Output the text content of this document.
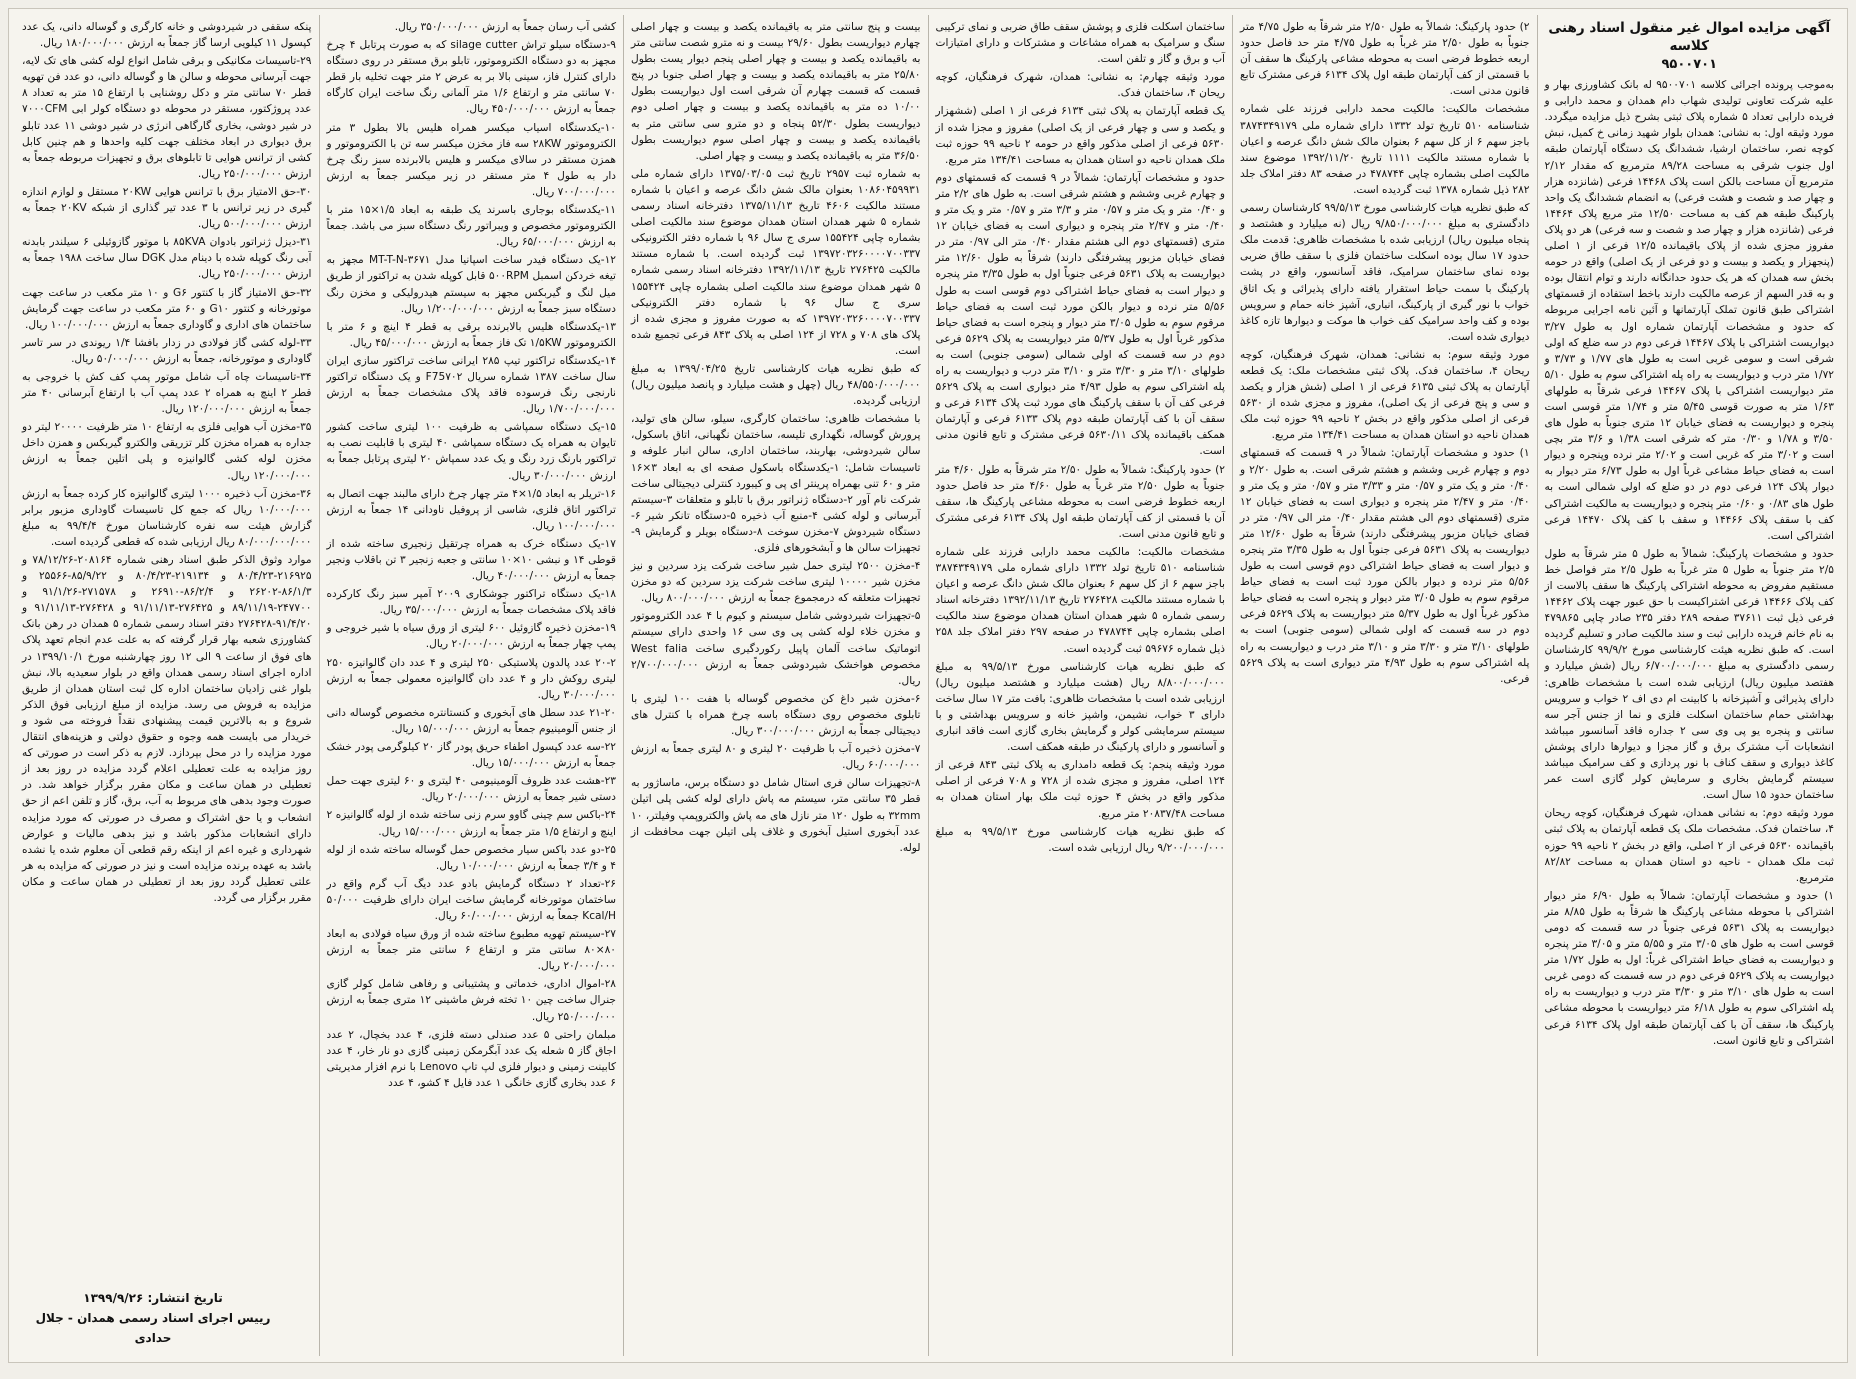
آگهی مزایده اموال غیر منقول اسناد رهنی کلاسه
۹۵۰۰۷۰۱

به‌موجب پرونده اجرائی کلاسه ۹۵۰۰۷۰۱ له بانک کشاورزی بهار و علیه شرکت تعاونی تولیدی شهاب دام همدان و محمد دارابی و فریده دارابی تعداد ۵ شماره پلاک ثبتی بشرح ذیل مزایده میگردد. مورد وثیقه اول: به نشانی: همدان بلوار شهید زمانی خ کمیل، نبش کوچه نصر، ساختمان ارشیا، ششدانگ یک دستگاه آپارتمان طبقه اول جنوب شرقی به مساحت ۸۹/۲۸ مترمربع که مقدار ۲/۱۲ مترمربع آن مساحت بالکن است پلاک ۱۴۴۶۸ فرعی (شانزده هزار و چهار صد و شصت و هشت فرعی) به انضمام ششدانگ یک واحد پارکینگ طبقه هم کف به مساحت ۱۲/۵۰ متر مربع پلاک ۱۴۴۶۴ فرعی (شانزده هزار و چهار صد و شصت و سه فرعی) هر دو پلاک مفروز مجزی شده از پلاک باقیمانده ۱۲/۵ فرعی از ۱ اصلی (پنجهزار و یکصد و بیست و دو فرعی از یک اصلی) واقع در حومه بخش سه همدان که هر یک حدود حدانگانه دارند و توام انتقال بوده و به قدر السهم از عرصه مالکیت دارند باخط استفاده از قسمتهای اشتراکی طبق قانون تملک آپارتمانها و آئین نامه اجرایی مربوطه که حدود و مشخصات آپارتمان شماره اول به طول ۳/۲۷ دیواریست اشتراکی با پلاک ۱۴۴۶۷ فرعی دوم در سه ضلع که اولی شرقی است و سومی غربی است به طول های ۱/۷۷ و ۳/۷۳ و ۱/۷۲ متر درب و دیواریست به راه پله اشتراکی سوم به طول ۵/۱۰ متر دیواریست اشتراکی با پلاک ۱۴۴۶۷ فرعی شرقاً به طولهای ۱/۶۳ متر به صورت قوسی ۵/۴۵ متر و ۱/۷۴ متر قوسی است پنجره و دیواریست به فضای خیابان ۱۲ متری جنوباً به طول های ۳/۵۰ و ۱/۷۸ و ۰/۳۰ متر که شرقی است ۱/۳۸ و ۳/۶ متر بچی است و ۳/۰۲ متر که غربی است و ۲/۰۲ متر نرده وپنجره و دیوار است به فضای حیاط مشاعی غرباً اول به طول ۶/۷۳ متر دیوار به دیوار پلاک ۱۲۴ فرعی دوم در دو ضلع که اولی شمالی است به طول های ۰/۸۳ و ۰/۶۰ متر پنجره و دیواریست به مالکیت اشتراکی کف با سقف پلاک ۱۴۴۶۶ و سقف با کف پلاک ۱۴۴۷۰ فرعی اشتراکی است.

حدود و مشخصات پارکینگ: شمالاً به طول ۵ متر شرقاً به طول ۲/۵ متر جنوباً به طول ۵ متر غرباً به طول ۲/۵ متر فواصل خط مستقیم مفروض به محوطه اشتراکی پارکینگ ها سقف بالاست از کف پلاک ۱۴۴۶۶ فرعی اشتراکیست با حق عبور جهت پلاک ۱۴۴۶۲ فرعی ذیل ثبت ۳۷۶۱۱ صفحه ۲۸۹ دفتر ۲۳۵ صادر چاپی ۴۷۹۸۶۵ به نام خانم فریده دارابی ثبت و سند مالکیت صادر و تسلیم گردیده است. که طبق نظریه هیئت کارشناسی مورخ ۹۹/۹/۲ کارشناسان رسمی دادگستری به مبلغ ۶/۷۰۰/۰۰۰/۰۰۰ ریال (شش میلیارد و هفتصد میلیون ریال) ارزیابی شده است با مشخصات ظاهری: دارای پذیرائی و آشپزخانه با کابینت ام دی اف ۲ خواب و سرویس بهداشتی حمام ساختمان اسکلت فلزی و نما از جنس آجر سه سانتی و پنجره یو پی وی سی ۲ جداره فاقد آسانسور میباشد انشعابات آب مشترک برق و گاز مجزا و دیوارها دارای پوشش کاغذ دیواری و سقف کناف با نور پردازی و کف سرامیک میباشد سیستم گرمایش بخاری و سرمایش کولر گازی است عمر ساختمان حدود ۱۵ سال است.

مورد وثیقه دوم: به نشانی همدان، شهرک فرهنگیان، کوچه ریحان ۴، ساختمان فدک. مشخصات ملک یک قطعه آپارتمان به پلاک ثبتی باقیمانده ۵۶۳۰ فرعی از ۲ اصلی، واقع در بخش ۲ ناحیه ۹۹ حوزه ثبت ملک همدان - ناحیه دو استان همدان به مساحت ۸۲/۸۲ مترمربع.

۱) حدود و مشخصات آپارتمان: شمالاً به طول ۶/۹۰ متر دیوار اشتراکی با محوطه مشاعی پارکینگ ها شرقاً به طول ۸/۸۵ متر دیواریست به پلاک ۵۶۳۱ فرعی جنوباً در سه قسمت که دومی قوسی است به طول های ۳/۰۵ متر و ۵/۵۵ متر و ۳/۰۵ متر پنجره و دیواریست به فضای حیاط اشتراکی غرباً: اول به طول ۱/۷۲ متر دیواریست به پلاک ۵۶۲۹ فرعی دوم در سه قسمت که دومی غربی است به طول های ۳/۱۰ متر و ۳/۳۰ متر درب و دیواریست به راه پله اشتراکی سوم به طول ۶/۱۸ متر دیواریست با محوطه مشاعی پارکینگ ها، سقف آن با کف آپارتمان طبقه اول پلاک ۶۱۳۴ فرعی اشتراکی و تابع قانون است.

۲) حدود پارکینگ: شمالاً به طول ۲/۵۰ متر شرقاً به طول ۴/۷۵ متر جنوباً به طول ۲/۵۰ متر غرباً به طول ۴/۷۵ متر حد فاصل حدود اربعه خطوط فرضی است به محوطه مشاعی پارکینگ ها سقف آن با قسمتی از کف آپارتمان طبقه اول پلاک ۶۱۳۴ فرعی مشترک تابع قانون مدنی است.

مشخصات مالکیت: مالکیت محمد دارابی فرزند علی شماره شناسنامه ۵۱۰ تاریخ تولد ۱۳۳۲ دارای شماره ملی ۳۸۷۴۳۴۹۱۷۹ باجز سهم ۶ از کل سهم ۶ بعنوان مالک شش دانگ عرصه و اعیان با شماره مستند مالکیت ۱۱۱۱ تاریخ ۱۳۹۲/۱۱/۲۰ موضوع سند مالکیت اصلی بشماره چاپی ۴۷۸۷۴۴ در صفحه ۸۳ دفتر املاک جلد ۲۸۲ ذیل شماره ۱۳۷۸ ثبت گردیده است.

که طبق نظریه هیات کارشناسی مورخ ۹۹/۵/۱۳ کارشناسان رسمی دادگستری به مبلغ ۹/۸۵۰/۰۰۰/۰۰۰ ریال (نه میلیارد و هشتصد و پنجاه میلیون ریال) ارزیابی شده با مشخصات ظاهری: قدمت ملک حدود ۱۷ سال بوده اسکلت ساختمان فلزی با سقف طاق ضربی بوده نمای ساختمان سرامیک، فاقد آسانسور، واقع در پشت پارکینگ با سمت حیاط استقرار یافته دارای پذیرائی و یک اتاق خواب با نور گیری از پارکینگ، انباری، آشپز خانه حمام و سرویس بوده و کف واحد سرامیک کف خواب ها موکت و دیوارها تازه کاغذ دیواری شده است.

مورد وثیقه سوم: به نشانی: همدان، شهرک فرهنگیان، کوچه ریحان ۴، ساختمان فدک. پلاک ثبتی مشخصات ملک: یک قطعه آپارتمان به پلاک ثبتی ۶۱۳۵ فرعی از ۱ اصلی (شش هزار و یکصد و سی و پنج فرعی از یک اصلی)، مفروز و مجزی شده از ۵۶۳۰ فرعی از اصلی مذکور واقع در بخش ۲ ناحیه ۹۹ حوزه ثبت ملک همدان ناحیه دو استان همدان به مساحت ۱۳۴/۴۱ متر مربع.

۱) حدود و مشخصات آپارتمان: شمالاً در ۹ قسمت که قسمتهای دوم و چهارم غربی وششم و هشتم شرقی است. به طول ۲/۲۰ و ۰/۴۰ متر و یک متر و ۰/۵۷ متر و ۳/۳۳ متر و ۰/۵۷ متر و یک متر و ۰/۴۰ متر و ۲/۴۷ متر پنجره و دیواری است به فضای خیابان ۱۲ متری (قسمتهای دوم الی هشتم مقدار ۰/۴۰ متر الی ۰/۹۷ متر در فضای خیابان مزبور پیشرفتگی دارند) شرقاً به طول ۱۲/۶۰ متر دیواریست به پلاک ۵۶۳۱ فرعی جنوباً اول به طول ۳/۳۵ متر پنجره و دیوار است به فضای حیاط اشتراکی دوم قوسی است به طول ۵/۵۶ متر نرده و دیوار بالکن مورد ثبت است به فضای حیاط مرقوم سوم به طول ۳/۰۵ متر دیوار و پنجره است به فضای حیاط مذکور غرباً اول به طول ۵/۳۷ متر دیواریست به پلاک ۵۶۲۹ فرعی دوم در سه قسمت که اولی شمالی (سومی جنوبی) است به طولهای ۳/۱۰ متر و ۳/۳۰ متر و ۳/۱۰ متر درب و دیواریست به راه پله اشتراکی سوم به طول ۴/۹۳ متر دیواری است به پلاک ۵۶۲۹ فرعی.

ساختمان اسکلت فلزی و پوشش سقف طاق ضربی و نمای ترکیبی سنگ و سرامیک به همراه مشاعات و مشترکات و دارای امتیازات آب و برق و گاز و تلفن است.

مورد وثیقه چهارم: به نشانی: همدان، شهرک فرهنگیان، کوچه ریحان ۴، ساختمان فدک.

یک قطعه آپارتمان به پلاک ثبتی ۶۱۳۴ فرعی از ۱ اصلی (ششهزار و یکصد و سی و چهار فرعی از یک اصلی) مفروز و مجزا شده از ۵۶۳۰ فرعی از اصلی مذکور واقع در حومه ۲ ناحیه ۹۹ حوزه ثبت ملک همدان ناحیه دو استان همدان به مساحت ۱۳۴/۴۱ متر مربع.

حدود و مشخصات آپارتمان: شمالاً در ۹ قسمت که قسمتهای دوم و چهارم غربی وششم و هشتم شرقی است. به طول های ۲/۲ متر و ۰/۴۰ متر و یک متر و ۰/۵۷ متر و ۳/۳ متر و ۰/۵۷ متر و یک متر و ۰/۴۰ متر و ۲/۴۷ متر پنجره و دیواری است به فضای خیابان ۱۲ متری (قسمتهای دوم الی هشتم مقدار ۰/۴۰ متر الی ۰/۹۷ متر در فضای خیابان مزبور پیشرفتگی دارند) شرقاً به طول ۱۲/۶۰ متر دیواریست به پلاک ۵۶۳۱ فرعی جنوباً اول به طول ۳/۳۵ متر پنجره و دیوار است به فضای حیاط اشتراکی دوم قوسی است به طول ۵/۵۶ متر نرده و دیوار بالکن مورد ثبت است به فضای حیاط مرقوم سوم به طول ۳/۰۵ متر دیوار و پنجره است به فضای حیاط مذکور غرباً اول به طول ۵/۳۷ متر دیواریست به پلاک ۵۶۲۹ فرعی دوم در سه قسمت که اولی شمالی (سومی جنوبی) است به طولهای ۳/۱۰ متر و ۳/۳۰ متر و ۳/۱۰ متر درب و دیواریست به راه پله اشتراکی سوم به طول ۴/۹۳ متر دیواری است به پلاک ۵۶۲۹ فرعی کف آن با سقف پارکینگ های مورد ثبت پلاک ۶۱۳۴ فرعی و سقف آن با کف آپارتمان طبقه دوم پلاک ۶۱۳۳ فرعی و آپارتمان همکف باقیمانده پلاک ۵۶۳۰/۱۱ فرعی مشترک و تابع قانون مدنی است.

۲) حدود پارکینگ: شمالاً به طول ۲/۵۰ متر شرقاً به طول ۴/۶۰ متر جنوباً به طول ۲/۵۰ متر غرباً به طول ۴/۶۰ متر حد فاصل حدود اربعه خطوط فرضی است به محوطه مشاعی پارکینگ ها، سقف آن با قسمتی از کف آپارتمان طبقه اول پلاک ۶۱۳۴ فرعی مشترک و تابع قانون مدنی است.

مشخصات مالکیت: مالکیت محمد دارابی فرزند علی شماره شناسنامه ۵۱۰ تاریخ تولد ۱۳۳۲ دارای شماره ملی ۳۸۷۴۳۴۹۱۷۹ باجز سهم ۶ از کل سهم ۶ بعنوان مالک شش دانگ عرصه و اعیان با شماره مستند مالکیت ۲۷۶۴۲۸ تاریخ ۱۳۹۲/۱۱/۱۳ دفترخانه اسناد رسمی شماره ۵ شهر همدان استان همدان موضوع سند مالکیت اصلی بشماره چاپی ۴۷۸۷۴۴ در صفحه ۲۹۷ دفتر املاک جلد ۲۵۸ ذیل شماره ۵۹۶۷۶ ثبت گردیده است.

که طبق نظریه هیات کارشناسی مورخ ۹۹/۵/۱۳ به مبلغ ۸/۸۰۰/۰۰۰/۰۰۰ ریال (هشت میلیارد و هشتصد میلیون ریال) ارزیابی شده است با مشخصات ظاهری: بافت متر ۱۷ سال ساخت دارای ۳ خواب، نشیمن، واشپز خانه و سرویس بهداشتی و با سیستم سرمایشی کولر و گرمایش بخاری گازی است فاقد انباری و آسانسور و دارای پارکینگ در طبقه همکف است.

مورد وثیقه پنجم: یک قطعه دامداری به پلاک ثبتی ۸۴۳ فرعی از ۱۲۴ اصلی، مفروز و مجزی شده از ۷۲۸ و ۷۰۸ فرعی از اصلی مذکور واقع در بخش ۴ حوزه ثبت ملک بهار استان همدان به مساحت ۲۰۸۳۷/۴۸ متر مربع.

که طبق نظریه هیات کارشناسی مورخ ۹۹/۵/۱۳ به مبلغ ۹/۲۰۰/۰۰۰/۰۰۰ ریال ارزیابی شده است.

بیست و پنج سانتی متر به باقیمانده یکصد و بیست و چهار اصلی چهارم دیواریست بطول ۲۹/۶۰ بیست و نه مترو شصت سانتی متر به باقیمانده یکصد و بیست و چهار اصلی پنجم دیوار یست بطول ۲۵/۸۰ متر به باقیمانده یکصد و بیست و چهار اصلی جنوبا در پنج قسمت که قسمت چهارم آن شرقی است اول دیواریست بطول ۱۰/۰۰ ده متر به باقیمانده یکصد و بیست و چهار اصلی دوم دیواریست بطول ۵۲/۳۰ پنجاه و دو مترو سی سانتی متر به باقیمانده یکصد و بیست و چهار اصلی سوم دیواریست بطول ۳۶/۵۰ متر به باقیمانده یکصد و بیست و چهار اصلی.

به شماره ثبت ۲۹۵۷ تاریخ ثبت ۱۳۷۵/۰۳/۰۵ دارای شماره ملی ۱۰۸۶۰۴۵۹۹۳۱ بعنوان مالک شش دانگ عرصه و اعیان با شماره مستند مالکیت ۴۶۰۶ تاریخ ۱۳۷۵/۱۱/۱۳ دفترخانه اسناد رسمی شماره ۵ شهر همدان استان همدان موضوع سند مالکیت اصلی بشماره چاپی ۱۵۵۴۲۴ سری ج سال ۹۶ با شماره دفتر الکترونیکی ۱۳۹۷۲۰۳۲۶۰۰۰۰۷۰۰۳۳۷ ثبت گردیده است. با شماره مستند مالکیت ۲۷۶۴۲۵ تاریخ ۱۳۹۲/۱۱/۱۳ دفترخانه اسناد رسمی شماره ۵ شهر همدان موضوع سند مالکیت اصلی بشماره چاپی ۱۵۵۴۲۴ سری ج سال ۹۶ با شماره دفتر الکترونیکی ۱۳۹۷۲۰۳۲۶۰۰۰۰۷۰۰۳۳۷ که به صورت مفروز و مجزی شده از پلاک های ۷۰۸ و ۷۲۸ از ۱۲۴ اصلی به پلاک ۸۴۳ فرعی تجمیع شده است.

که طبق نظریه هیات کارشناسی تاریخ ۱۳۹۹/۰۴/۲۵ به مبلغ ۴۸/۵۵۰/۰۰۰/۰۰۰ ریال (چهل و هشت میلیارد و پانصد میلیون ریال) ارزیابی گردیده.

با مشخصات ظاهری: ساختمان کارگری، سیلو، سالن های تولید، پرورش گوساله، نگهداری تلیسه، ساختمان نگهبانی، اتاق باسکول، سالن شیردوشی، بهاربند، ساختمان اداری، سالن انبار علوفه و تاسیسات شامل: ۱-یکدستگاه باسکول صفحه ای به ابعاد ۳×۱۶ متر و ۶۰ تنی بهمراه پرینتر ای پی و کیبورد کنترلی دیجیتالی ساخت شرکت نام آور ۲-دستگاه ژنراتور برق با تابلو و متعلقات ۳-سیستم آبرسانی و لوله کشی ۴-منبع آب ذخیره ۵-دستگاه تانکر شیر ۶-دستگاه شیردوش ۷-مخزن سوخت ۸-دستگاه بویلر و گرمایش ۹-تجهیزات سالن ها و آبشخورهای فلزی.

۴-مخزن ۲۵۰۰ لیتری حمل شیر ساخت شرکت یزد سردین و نیز مخزن شیر ۱۰۰۰۰ لیتری ساخت شرکت یزد سردین که دو مخزن تجهیزات متعلقه که درمجموع جمعاً به ارزش ۸۰۰/۰۰۰/۰۰۰ ریال.

۵-تجهیزات شیردوشی شامل سیستم و کیوم با ۴ عدد الکتروموتور و مخزن خلاء لوله کشی پی وی سی ۱۶ واحدی دارای سیستم اتوماتیک ساخت آلمان پاپیل رکوردگیری ساخت West falia مخصوص هواخشک شیردوشی جمعاً به ارزش ۲/۷۰۰/۰۰۰/۰۰۰ ریال.

۶-مخزن شیر داغ کن مخصوص گوساله با هفت ۱۰۰ لیتری با تابلوی مخصوص روی دستگاه باسه چرخ همراه با کنترل های دیجیتالی جمعاً به ارزش ۳۰۰/۰۰۰/۰۰۰ ریال.

۷-مخزن ذخیره آب با ظرفیت ۲۰ لیتری و ۸۰ لیتری جمعاً به ارزش ۶۰/۰۰۰/۰۰۰ ریال.

۸-تجهیزات سالن فری استال شامل دو دستگاه برس، ماساژور به قطر ۳۵ سانتی متر، سیستم مه پاش دارای لوله کشی پلی اتیلن ۳۲mm به طول ۱۲۰ متر نازل های مه پاش والکتروپمپ وفیلتر، ۱۰ عدد آبخوری استیل آبخوری و غلاف پلی اتیلن جهت محافظت از لوله.

کشی آب رسان جمعاً به ارزش ۳۵۰/۰۰۰/۰۰۰ ریال.

۹-دستگاه سیلو تراش silage cutter که به صورت پرتابل ۴ چرخ مجهز به دو دستگاه الکتروموتور، تابلو برق مستقر در روی دستگاه دارای کنترل فاز، سینی بالا بر به عرض ۲ متر جهت تخلیه بار قطر ۷۰ سانتی متر و ارتفاع ۱/۶ متر آلمانی رنگ ساخت ایران کارگاه جمعاً به ارزش ۴۵۰/۰۰۰/۰۰۰ ریال.

۱۰-یکدستگاه اسیاب میکسر همراه هلیس بالا بطول ۳ متر الکتروموتور ۲۸KW سه فاز مخزن میکسر سه تن با الکتروموتور و همزن مستقر در سالای میکسر و هلیس بالابرنده سبز رنگ چرخ دار به طول ۴ متر مستقر در زیر میکسر جمعاً به ارزش ۷۰۰/۰۰۰/۰۰۰ ریال.

۱۱-یکدستگاه بوجاری باسرند یک طبقه به ابعاد ۱/۵×۱۵ متر با الکتروموتور مخصوص و ویبراتور رنگ دستگاه سبز می باشد. جمعاً به ارزش ۶۵/۰۰۰/۰۰۰ ریال.

۱۲-یک دستگاه فیدر ساخت اسپانیا مدل MT-T-N-۳۶۷۱ مجهز به تیغه خردکن اسمبل ۵۰۰RPM قابل کوپله شدن به تراکتور از طریق میل لنگ و گیربکس مجهز به سیستم هیدرولیکی و مخزن رنگ دستگاه سبز جمعاً به ارزش ۱/۲۰۰/۰۰۰/۰۰۰ ریال.

۱۳-یکدستگاه هلیس بالابرنده برقی به قطر ۴ اینچ و ۶ متر با الکتروموتور ۱/۵KW تک فاز جمعاً به ارزش ۴۵/۰۰۰/۰۰۰ ریال.

۱۴-یکدستگاه تراکتور تیپ ۲۸۵ ایرانی ساخت تراکتور سازی ایران سال ساخت ۱۳۸۷ شماره سریال F75۷۰۲ و یک دستگاه تراکتور نارنجی رنگ فرسوده فاقد پلاک مشخصات جمعاً به ارزش ۱/۷۰۰/۰۰۰/۰۰۰ ریال.

۱۵-یک دستگاه سمپاشی به ظرفیت ۱۰۰ لیتری ساخت کشور تایوان به همراه یک دستگاه سمپاشی ۴۰ لیتری با قابلیت نصب به تراکتور بارنگ زرد رنگ و یک عدد سمپاش ۲۰ لیتری پرتابل جمعاً به ارزش ۳۰/۰۰۰/۰۰۰ ریال.

۱۶-تریلر به ابعاد ۱/۵×۴ متر چهار چرخ دارای مالبند جهت اتصال به تراکتور اتاق فلزی، شاسی از پروفیل ناودانی ۱۴ جمعاً به ارزش ۱۰۰/۰۰۰/۰۰۰ ریال.

۱۷-یک دستگاه خرک به همراه چرتقیل زنجیری ساخته شده از قوطی ۱۴ و نبشی ۱۰×۱۰ سانتی و جعبه زنجیر ۳ تن باقلاب ونجیر جمعاً به ارزش ۴۰/۰۰۰/۰۰۰ ریال.

۱۸-یک دستگاه تراکتور جوشکاری ۲۰۰۹ آمپر سبز رنگ کارکرده فاقد پلاک مشخصات جمعاً به ارزش ۳۵/۰۰۰/۰۰۰ ریال.

۱۹-مخزن ذخیره گازوئیل ۶۰۰ لیتری از ورق سیاه با شیر خروجی و پمپ چهار جمعاً به ارزش ۲۰/۰۰۰/۰۰۰ ریال.

۲۰-۲ عدد پالدون پلاستیکی ۲۵۰ لیتری و ۴ عدد دان گالوانیزه ۲۵۰ لیتری روکش دار و ۴ عدد دان گالوانیزه معمولی جمعاً به ارزش ۳۰/۰۰۰/۰۰۰ ریال.

۲۱-۲۰ عدد سطل های آبخوری و کنستانتره مخصوص گوساله دانی از جنس آلومینیوم جمعاً به ارزش ۱۵/۰۰۰/۰۰۰ ریال.

۲۲-سه عدد کپسول اطفاء حریق پودر گاز ۲۰ کیلوگرمی پودر خشک جمعاً به ارزش ۱۵/۰۰۰/۰۰۰ ریال.

۲۳-هشت عدد ظروف آلومینیومی ۴۰ لیتری و ۶۰ لیتری جهت حمل دستی شیر جمعاً به ارزش ۲۰/۰۰۰/۰۰۰ ریال.

۲۴-باکس سم چینی گاوو سرم زنی ساخته شده از لوله گالوانیزه ۲ اینچ و ارتفاع ۱/۵ متر جمعاً به ارزش ۱۵/۰۰۰/۰۰۰ ریال.

۲۵-دو عدد باکس سیار مخصوص حمل گوساله ساخته شده از لوله ۴ و ۳/۴ جمعاً به ارزش ۱۰/۰۰۰/۰۰۰ ریال.

۲۶-تعداد ۲ دستگاه گرمایش بادو عدد دیگ آب گرم واقع در ساختمان موتورخانه گرمایش ساخت ایران دارای ظرفیت ۵۰/۰۰۰ Kcal/H جمعاً به ارزش ۶۰/۰۰۰/۰۰۰ ریال.

۲۷-سیستم تهویه مطبوع ساخته شده از ورق سیاه فولادی به ابعاد ۸۰×۸۰ سانتی متر و ارتفاع ۶ سانتی متر جمعاً به ارزش ۲۰/۰۰۰/۰۰۰ ریال.

۲۸-اموال اداری، خدماتی و پشتیبانی و رفاهی شامل کولر گازی جنرال ساخت چین ۱۰ تخته فرش ماشینی ۱۲ متری جمعاً به ارزش ۲۵۰/۰۰۰/۰۰۰ ریال.

مبلمان راحتی ۵ عدد صندلی دسته فلزی، ۴ عدد بخچال، ۲ عدد اجاق گاز ۵ شعله یک عدد آبگرمکن زمینی گازی دو نار خار، ۴ عدد کابینت زمینی و دیوار فلزی لپ تاپ Lenovo با نرم افزار مدیریتی ۶ عدد بخاری گازی خانگی ۱ عدد فایل ۴ کشو، ۴ عدد

پنکه سقفی در شیردوشی و خانه کارگری و گوساله دانی، یک عدد کپسول ۱۱ کیلویی ارسا گاز جمعاً به ارزش ۱۸۰/۰۰۰/۰۰۰ ریال.

۲۹-تاسیسات مکانیکی و برقی شامل انواع لوله کشی های تک لایه، جهت آبرسانی محوطه و سالن ها و گوساله دانی، دو عدد فن تهویه قطر ۷۰ سانتی متر و دکل روشنایی با ارتفاع ۱۵ متر به تعداد ۸ عدد پروژکتور، مستقر در محوطه دو دستگاه کولر ابی ۷۰۰۰CFM در شیر دوشی، بخاری گارگاهی انرژی در شیر دوشی ۱۱ عدد تابلو برق دیواری در ابعاد مختلف جهت کلیه واحدها و هم چنین کابل کشی از ترانس هوایی تا تابلوهای برق و تجهیزات مربوطه جمعاً به ارزش ۲۵۰/۰۰۰/۰۰۰ ریال.

۳۰-حق الامتیاز برق با ترانس هوایی ۲۰KW مستقل و لوازم اندازه گیری در زیر ترانس با ۳ عدد تیر گذاری از شبکه ۲۰KV جمعاً به ارزش ۵۰۰/۰۰۰/۰۰۰ ریال.

۳۱-دیزل ژنراتور بادوان ۸۵KVA با موتور گازوئیلی ۶ سیلندر بابدنه آبی رنگ کوپله شده با دینام مدل DGK سال ساخت ۱۹۸۸ جمعاً به ارزش ۲۵۰/۰۰۰/۰۰۰ ریال.

۳۲-حق الامتیاز گاز با کنتور G۶ و ۱۰ متر مکعب در ساعت جهت موتورخانه و کنتور G۱۰ و ۶۰ متر مکعب در ساعت جهت گرمایش ساختمان های اداری و گاوداری جمعاً به ارزش ۱۰۰/۰۰۰/۰۰۰ ریال.

۳۳-لوله کشی گاز فولادی در زدار بافشا ۱/۴ ریوندی در سر تاسر گاوداری و موتورخانه، جمعاً به ارزش ۵۰/۰۰۰/۰۰۰ ریال.

۳۴-تاسیسات چاه آب شامل موتور پمپ کف کش با خروجی به قطر ۲ اینچ به همراه ۲ عدد پمپ آب با ارتفاع آبرسانی ۴۰ متر جمعاً به ارزش ۱۲۰/۰۰۰/۰۰۰ ریال.

۳۵-مخزن آب هوایی فلزی به ارتفاع ۱۰ متر ظرفیت ۲۰۰۰۰ لیتر دو جداره به همراه مخزن کلر تزریقی والکترو گیربکس و همزن داخل مخزن لوله کشی گالوانیزه و پلی اتلین جمعاً به ارزش ۱۲۰/۰۰۰/۰۰۰ ریال.

۳۶-مخزن آب ذخیره ۱۰۰۰ لیتری گالوانیزه کار کرده جمعاً به ارزش ۱۰/۰۰۰/۰۰۰ ریال که جمع کل تاسیسات گاوداری مزبور برابر گزارش هیئت سه نفره کارشناسان مورخ ۹۹/۴/۴ به مبلغ ۸۰/۰۰۰/۰۰۰/۰۰۰ ریال ارزیابی شده که قطعی گردیده است.

موارد وثوق الذکر طبق اسناد رهنی شماره ۲۰۸۱۶۴-۷۸/۱۲/۲۶ و ۲۱۶۹۲۵-۸۰/۴/۲۳ و ۲۱۹۱۳۴-۸۰/۴/۲۳ و ۸۵/۹/۲۲-۲۵۵۶۶ و ۸۶/۱/۳-۲۶۲۰۲ و ۸۶/۲/۴-۲۶۹۱۰ و ۲۷۱۵۷۸-۹۱/۱/۲۶ و ۲۴۷۷۰۰-۸۹/۱۱/۱۹ و ۲۷۶۴۲۵-۹۱/۱۱/۱۳ و ۲۷۶۴۲۸-۹۱/۱۱/۱۳ و ۹۱/۴/۲۰-۲۷۶۴۲۸ دفتر اسناد رسمی شماره ۵ همدان در رهن بانک کشاورزی شعبه بهار قرار گرفته که به علت عدم انجام تعهد پلاک های فوق از ساعت ۹ الی ۱۲ روز چهارشنبه مورخ ۱۳۹۹/۱۰/۱ در اداره اجرای اسناد رسمی همدان واقع در بلوار سعیدیه بالا، نبش بلوار غنی زادیان ساختمان اداره کل ثبت استان همدان از طریق مزایده به فروش می رسد. مزایده از مبلغ ارزیابی فوق الذکر شروع و به بالاترین قیمت پیشنهادی نقداً فروخته می شود و خریدار می بایست همه وجوه و حقوق دولتی و هزینه‌های انتقال مورد مزایده را در محل بپردازد. لازم به ذکر است در صورتی که روز مزایده به علت تعطیلی اعلام گردد مزایده در روز بعد از تعطیلی در همان ساعت و مکان مقرر برگزار خواهد شد. در صورت وجود بدهی های مربوط به آب، برق، گاز و تلفن اعم از حق انشعاب و یا حق اشتراک و مصرف در صورتی که مورد مزایده دارای انشعابات مذکور باشد و نیز بدهی مالیات و عوارض شهرداری و غیره اعم از اینکه رقم قطعی آن معلوم شده یا نشده باشد به عهده برنده مزایده است و نیز در صورتی که مزایده به هر علتی تعطیل گردد روز بعد از تعطیلی در همان ساعت و مکان مقرر برگزار می گردد.

تاریخ انتشار: ۱۳۹۹/۹/۲۶
رییس اجرای اسناد رسمی همدان - جلال حدادی
